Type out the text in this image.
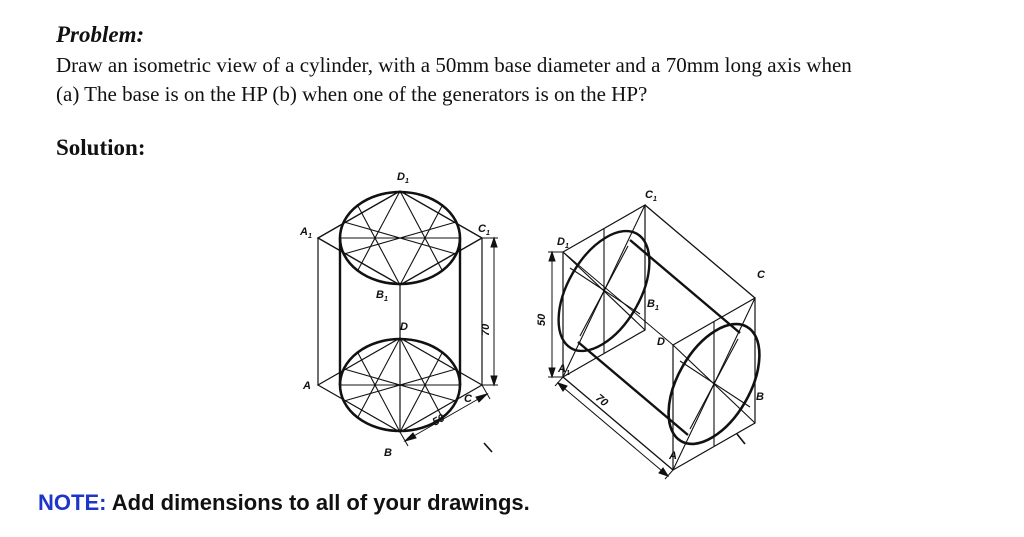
Problem:
Draw an isometric view of a cylinder, with a 50mm base diameter and a 70mm long axis when
(a) The base is on the HP (b) when one of the generators is on the HP?
Solution:
$D_1$
$A_1$
$C_1$
$B_1$
D
A
C
B
70
50
$C_1$
$D_1$
$B_1$
C
D
$A_1$
B
A
50
70
NOTE: Add dimensions to all of your drawings.
